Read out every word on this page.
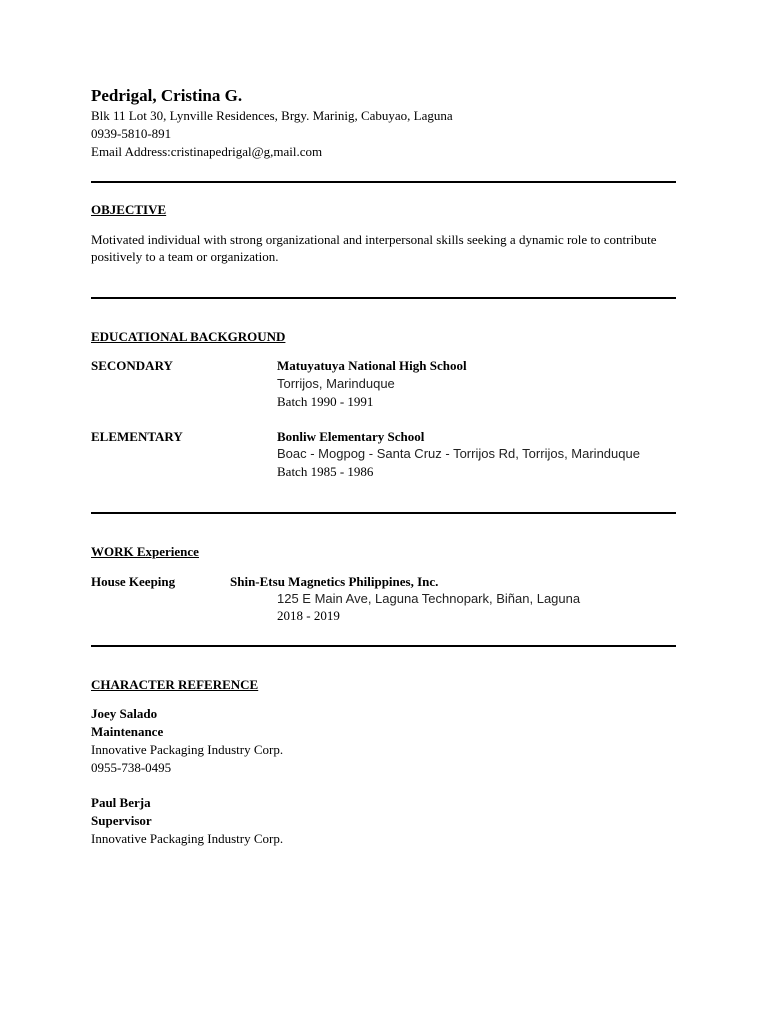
Pedrigal, Cristina G.
Blk 11 Lot 30, Lynville Residences, Brgy. Marinig, Cabuyao, Laguna
0939-5810-891
Email Address:cristinapedrigal@g,mail.com
OBJECTIVE
Motivated individual with strong organizational and interpersonal skills seeking a dynamic role to contribute positively to a team or organization.
EDUCATIONAL BACKGROUND
SECONDARY	Matuyatuya National High School
Torrijos, Marinduque
Batch 1990 - 1991
ELEMENTARY	Bonliw Elementary School
Boac - Mogpog - Santa Cruz - Torrijos Rd, Torrijos, Marinduque
Batch 1985 - 1986
WORK Experience
House Keeping	Shin-Etsu Magnetics Philippines, Inc.
125 E Main Ave, Laguna Technopark, Biñan, Laguna
2018 - 2019
CHARACTER REFERENCE
Joey Salado
Maintenance
Innovative Packaging Industry Corp.
0955-738-0495
Paul Berja
Supervisor
Innovative Packaging Industry Corp.
